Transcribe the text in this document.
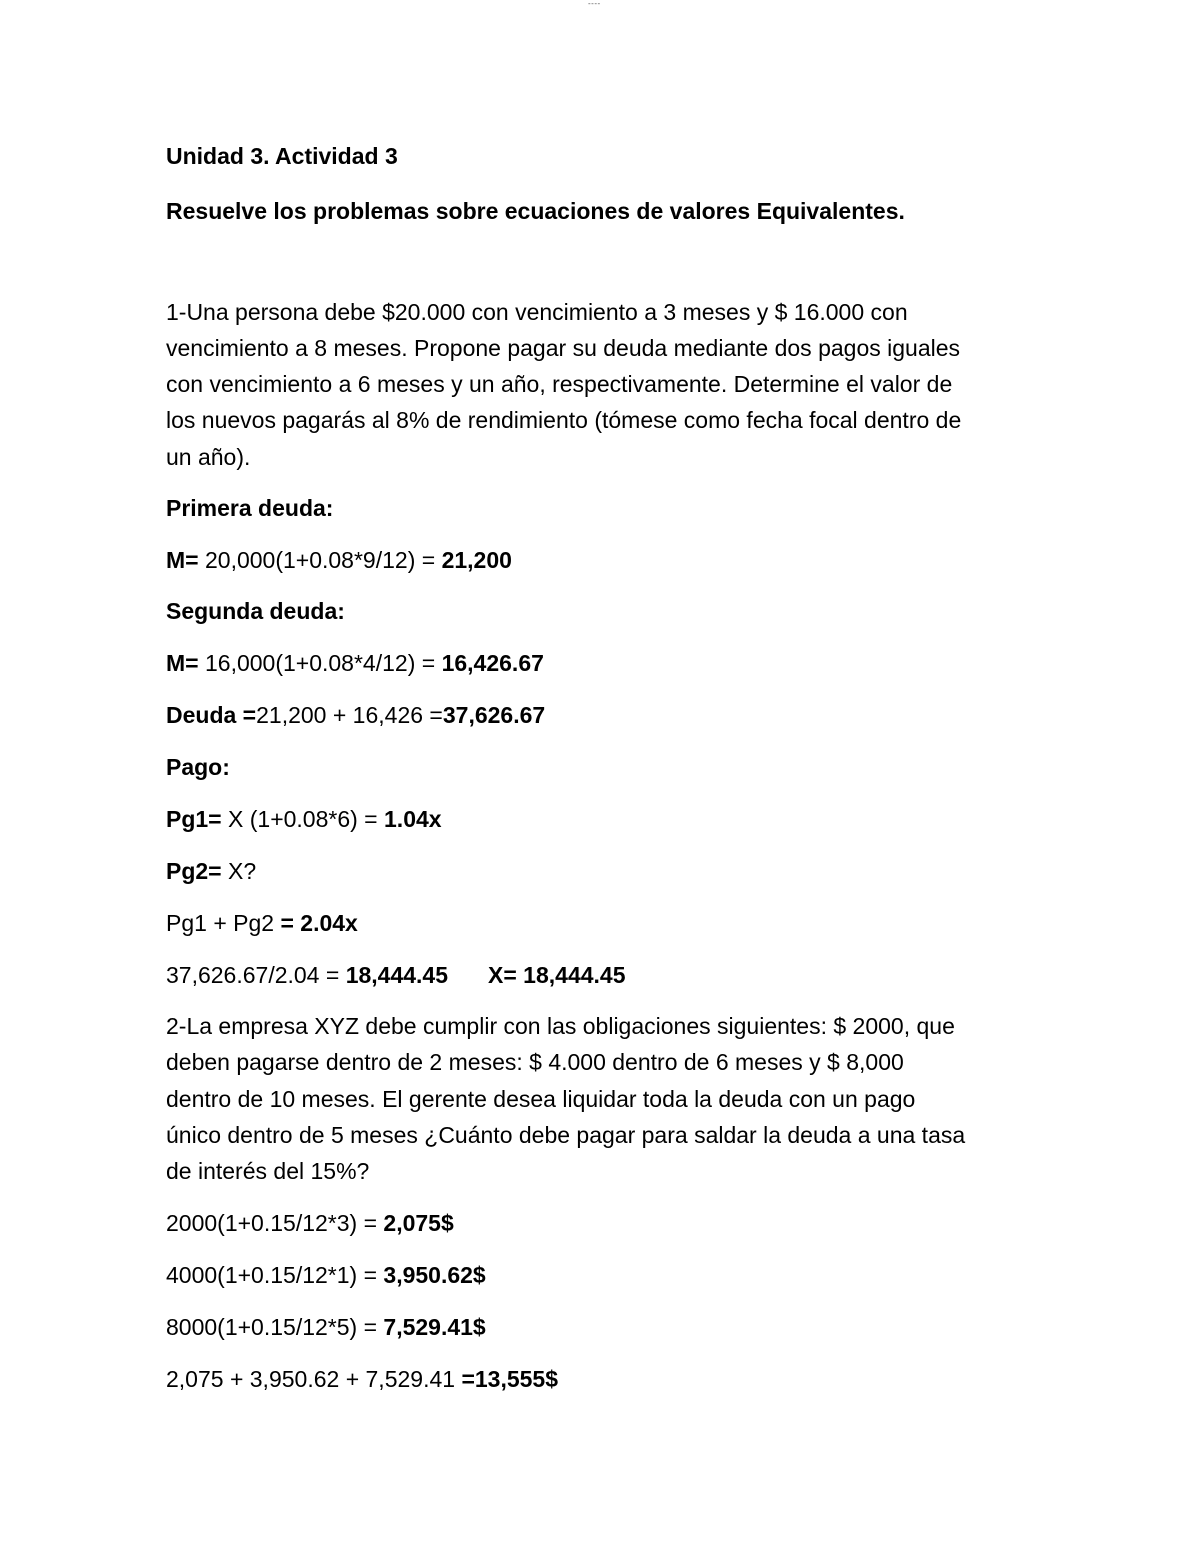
----
Unidad 3. Actividad 3
Resuelve los problemas sobre ecuaciones de valores Equivalentes.
1-Una persona debe $20.000 con vencimiento a 3 meses y $ 16.000 con
vencimiento a 8 meses. Propone pagar su deuda mediante dos pagos iguales
con vencimiento a 6 meses y un año, respectivamente. Determine el valor de
los nuevos pagarás al 8% de rendimiento (tómese como fecha focal dentro de
un año).
Primera deuda:
M= 20,000(1+0.08*9/12) = 21,200
Segunda deuda:
M= 16,000(1+0.08*4/12) = 16,426.67
Deuda =21,200 + 16,426 =37,626.67
Pago:
Pg1= X (1+0.08*6) = 1.04x
Pg2= X?
Pg1 + Pg2 = 2.04x
37,626.67/2.04 = 18,444.45 X= 18,444.45
2-La empresa XYZ debe cumplir con las obligaciones siguientes: $ 2000, que
deben pagarse dentro de 2 meses: $ 4.000 dentro de 6 meses y $ 8,000
dentro de 10 meses. El gerente desea liquidar toda la deuda con un pago
único dentro de 5 meses ¿Cuánto debe pagar para saldar la deuda a una tasa
de interés del 15%?
2000(1+0.15/12*3) = 2,075$
4000(1+0.15/12*1) = 3,950.62$
8000(1+0.15/12*5) = 7,529.41$
2,075 + 3,950.62 + 7,529.41 =13,555$
